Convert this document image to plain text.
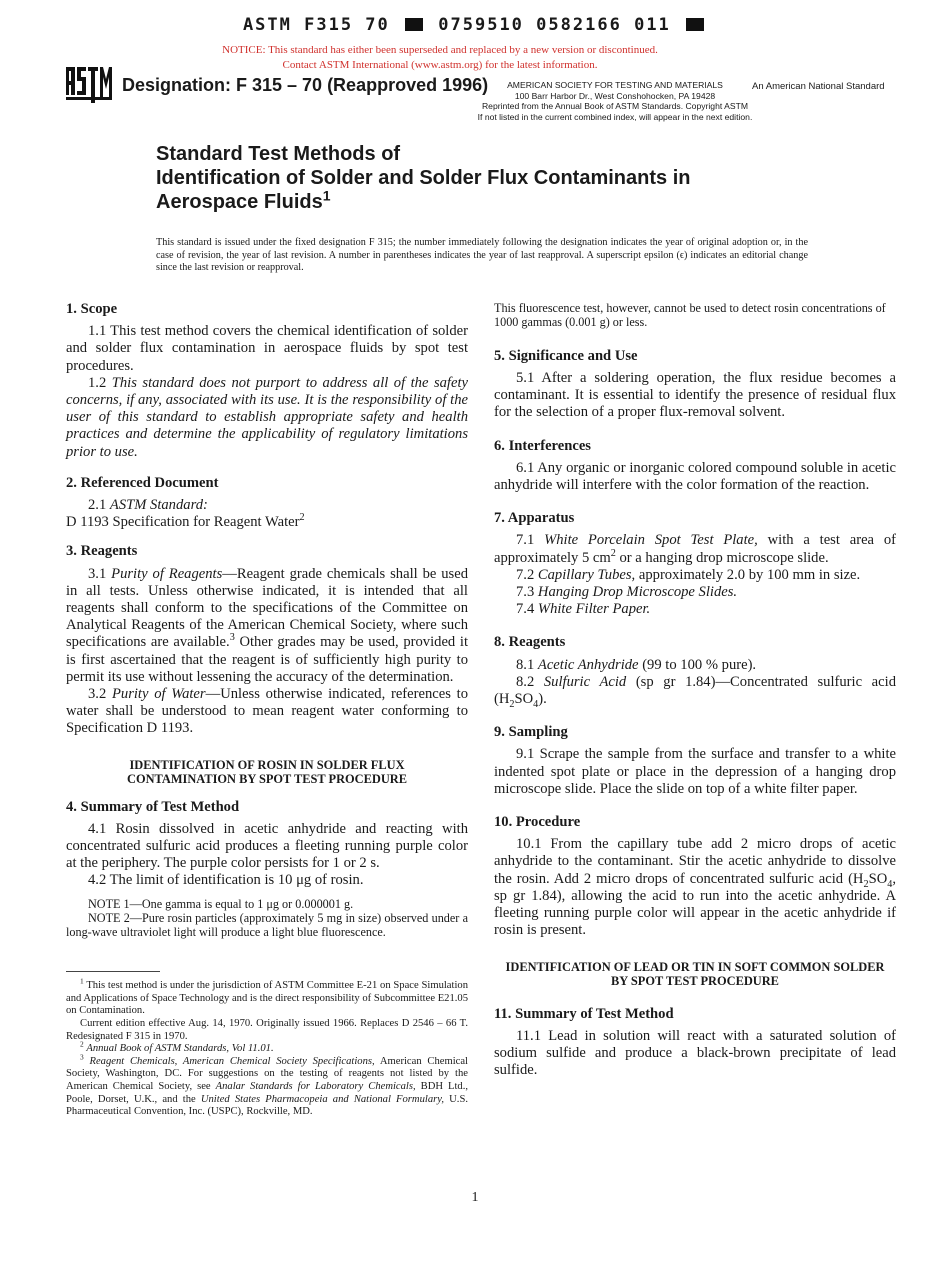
ASTM F315 70	0759510 0582166 011
NOTICE: This standard has either been superseded and replaced by a new version or discontinued.
Contact ASTM International (www.astm.org) for the latest information.
Designation: F 315 – 70 (Reapproved 1996)	AMERICAN SOCIETY FOR TESTING AND MATERIALS
100 Barr Harbor Dr., West Conshohocken, PA 19428
Reprinted from the Annual Book of ASTM Standards. Copyright ASTM
If not listed in the current combined index, will appear in the next edition.
An American National Standard
Standard Test Methods of
Identification of Solder and Solder Flux Contaminants in
Aerospace Fluids$^1$
This standard is issued under the fixed designation F 315; the number immediately following the designation indicates the year of original adoption or, in the case of revision, the year of last revision. A number in parentheses indicates the year of last reapproval. A superscript epsilon (ϵ) indicates an editorial change since the last revision or reapproval.
1. Scope

1.1 This test method covers the chemical identification of solder and solder flux contamination in aerospace fluids by spot test procedures.

1.2 This standard does not purport to address all of the safety concerns, if any, associated with its use. It is the responsibility of the user of this standard to establish appropriate safety and health practices and determine the applicability of regulatory limitations prior to use.

2. Referenced Document

2.1 ASTM Standard:

D 1193 Specification for Reagent Water$^2$

3. Reagents

3.1 Purity of Reagents—Reagent grade chemicals shall be used in all tests. Unless otherwise indicated, it is intended that all reagents shall conform to the specifications of the Committee on Analytical Reagents of the American Chemical Society, where such specifications are available.$^3$ Other grades may be used, provided it is first ascertained that the reagent is of sufficiently high purity to permit its use without lessening the accuracy of the determination.

3.2 Purity of Water—Unless otherwise indicated, references to water shall be understood to mean reagent water conforming to Specification D 1193.

IDENTIFICATION OF ROSIN IN SOLDER FLUX CONTAMINATION BY SPOT TEST PROCEDURE

4. Summary of Test Method

4.1 Rosin dissolved in acetic anhydride and reacting with concentrated sulfuric acid produces a fleeting running purple color at the periphery. The purple color persists for 1 or 2 s.

4.2 The limit of identification is 10 μg of rosin.

NOTE 1—One gamma is equal to 1 μg or 0.000001 g.

NOTE 2—Pure rosin particles (approximately 5 mg in size) observed under a long-wave ultraviolet light will produce a light blue fluorescence.

$^1$ This test method is under the jurisdiction of ASTM Committee E-21 on Space Simulation and Applications of Space Technology and is the direct responsibility of Subcommittee E21.05 on Contamination.

Current edition effective Aug. 14, 1970. Originally issued 1966. Replaces D 2546 – 66 T. Redesignated F 315 in 1970.

$^2$ Annual Book of ASTM Standards, Vol 11.01.

$^3$ Reagent Chemicals, American Chemical Society Specifications, American Chemical Society, Washington, DC. For suggestions on the testing of reagents not listed by the American Chemical Society, see Analar Standards for Laboratory Chemicals, BDH Ltd., Poole, Dorset, U.K., and the United States Pharmacopeia and National Formulary, U.S. Pharmaceutical Convention, Inc. (USPC), Rockville, MD.

This fluorescence test, however, cannot be used to detect rosin concentrations of 1000 gammas (0.001 g) or less.

5. Significance and Use

5.1 After a soldering operation, the flux residue becomes a contaminant. It is essential to identify the presence of residual flux for the selection of a proper flux-removal solvent.

6. Interferences

6.1 Any organic or inorganic colored compound soluble in acetic anhydride will interfere with the color formation of the reaction.

7. Apparatus

7.1 White Porcelain Spot Test Plate, with a test area of approximately 5 $cm^2$ or a hanging drop microscope slide.

7.2 Capillary Tubes, approximately 2.0 by 100 mm in size.

7.3 Hanging Drop Microscope Slides.

7.4 White Filter Paper.

8. Reagents

8.1 Acetic Anhydride (99 to 100 % pure).

8.2 Sulfuric Acid (sp gr 1.84)—Concentrated sulfuric acid $(H_2SO_4)$.

9. Sampling

9.1 Scrape the sample from the surface and transfer to a white indented spot plate or place in the depression of a hanging drop microscope slide. Place the slide on top of a white filter paper.

10. Procedure

10.1 From the capillary tube add 2 micro drops of acetic anhydride to the contaminant. Stir the acetic anhydride to dissolve the rosin. Add 2 micro drops of concentrated sulfuric acid ($H_2SO_4$, sp gr 1.84), allowing the acid to run into the acetic anhydride. A fleeting running purple color will appear in the acetic anhydride if rosin is present.

IDENTIFICATION OF LEAD OR TIN IN SOFT COMMON SOLDER BY SPOT TEST PROCEDURE

11. Summary of Test Method

11.1 Lead in solution will react with a saturated solution of sodium sulfide and produce a black-brown precipitate of lead sulfide.

1
